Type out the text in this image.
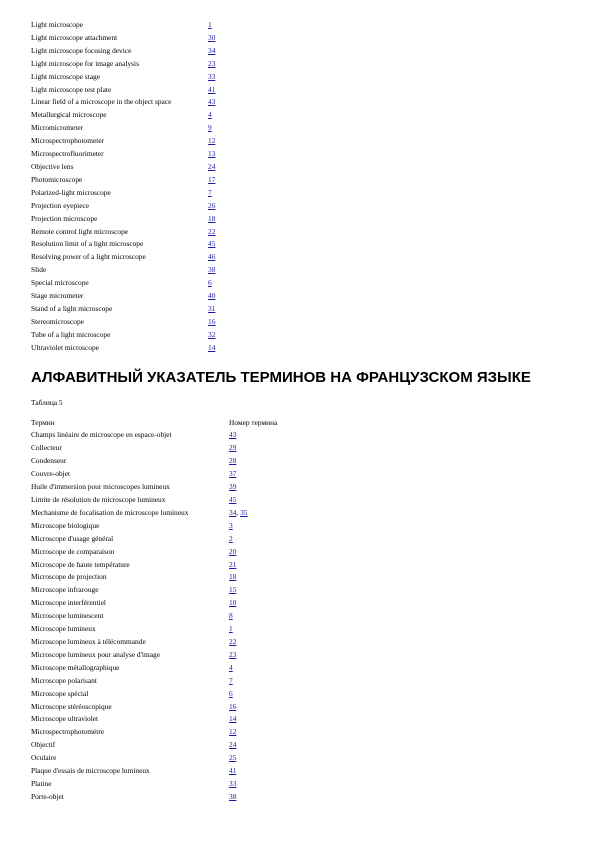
Light microscope	1
Light microscope attachment	30
Light microscope focusing device	34
Light microscope for image analysis	23
Light microscope stage	33
Light microscope test plate	41
Linear field of a microscope in the object space	43
Metallurgical microscope	4
Micromicrometer	9
Microspectrophotometer	12
Microspectrofluorimeter	13
Objective lens	24
Photomicroscope	17
Polarized-light microscope	7
Projection eyepiece	26
Projection microscope	18
Remote control light microscope	22
Resolution limit of a light microscope	45
Resolving power of a light microscope	46
Slide	38
Special microscope	6
Stage micrometer	40
Stand of a light microscope	31
Stereomicroscope	16
Tube of a light microscope	32
Ultraviolet microscope	14
АЛФАВИТНЫЙ УКАЗАТЕЛЬ ТЕРМИНОВ НА ФРАНЦУЗСКОМ ЯЗЫКЕ
Таблица 5
Термин	Номер термина
Champs linéaire de microscope en espace-objet	43
Collecteur	29
Condenseur	28
Couvre-objet	37
Huile d'immersion pour microscopes lumineux	39
Limite de résolution de microscope lumineux	45
Mechanisme de focalisation de microscope lumineux	34, 35
Microscope biologique	3
Microscope d'usage général	2
Microscope de comparaison	20
Microscope de haute température	21
Microscope de projection	18
Microscope infrarouge	15
Microscope interférentiel	10
Microscope luminescent	8
Microscope lumineux	1
Microscope lumineux à télécommande	22
Microscope lumineux pour analyse d'image	23
Microscope métallographique	4
Microscope polarisant	7
Microscope spécial	6
Microscope stéréoscopique	16
Microscope ultraviolet	14
Microspectrophotomètre	12
Objectif	24
Oculaire	25
Plaque d'essais de microscope lumineux	41
Platine	33
Porte-objet	38
